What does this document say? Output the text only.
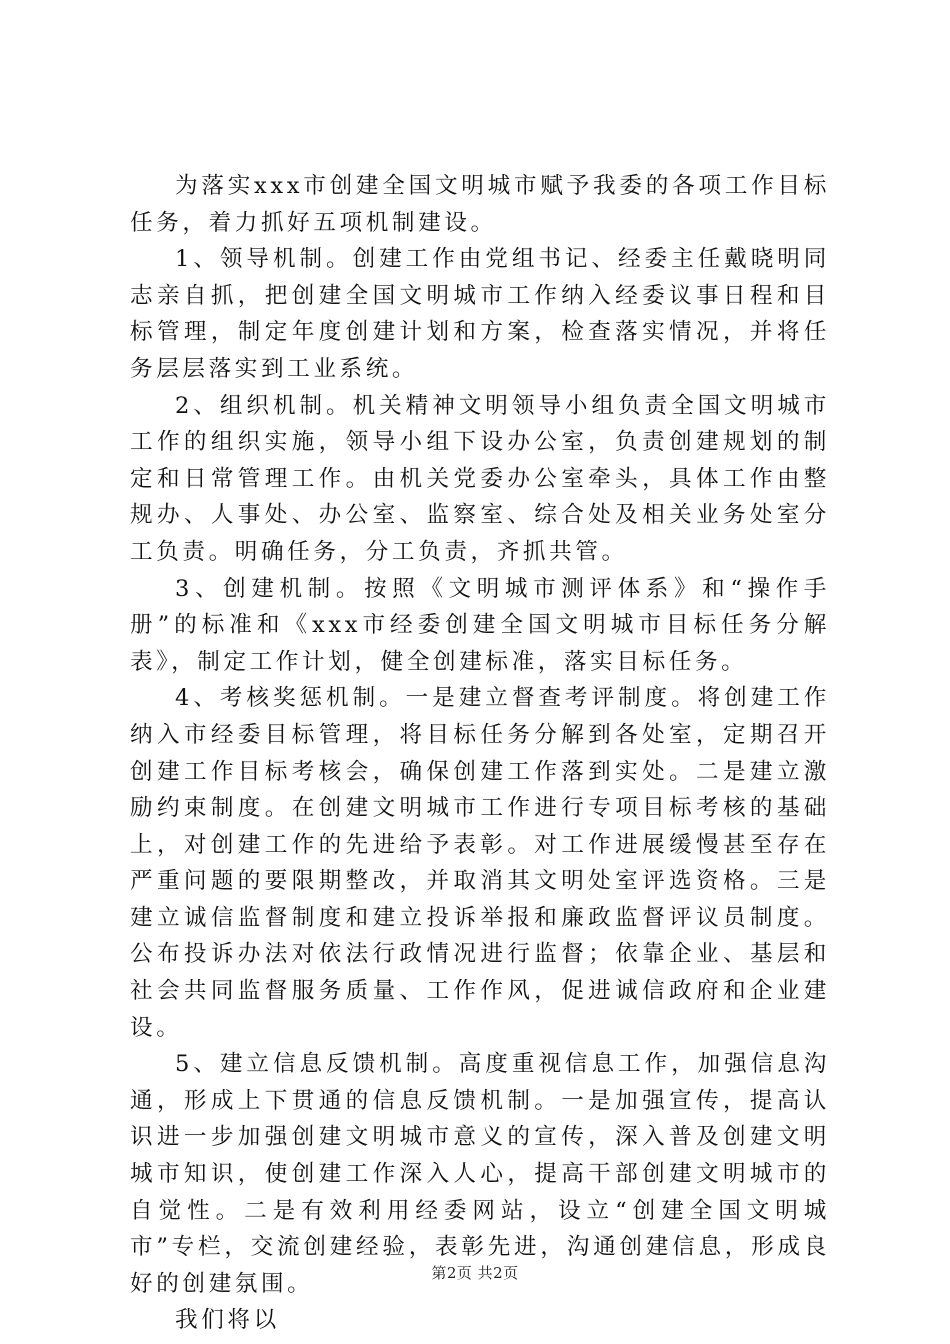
为落实xxx市创建全国文明城市赋予我委的各项工作目标任务，着力抓好五项机制建设。

1、领导机制。创建工作由党组书记、经委主任戴晓明同志亲自抓，把创建全国文明城市工作纳入经委议事日程和目标管理，制定年度创建计划和方案，检查落实情况，并将任务层层落实到工业系统。

2、组织机制。机关精神文明领导小组负责全国文明城市工作的组织实施，领导小组下设办公室，负责创建规划的制定和日常管理工作。由机关党委办公室牵头，具体工作由整规办、人事处、办公室、监察室、综合处及相关业务处室分工负责。明确任务，分工负责，齐抓共管。

3、创建机制。按照《文明城市测评体系》和“操作手册”的标准和《xxx市经委创建全国文明城市目标任务分解表》，制定工作计划，健全创建标准，落实目标任务。

4、考核奖惩机制。一是建立督查考评制度。将创建工作纳入市经委目标管理，将目标任务分解到各处室，定期召开创建工作目标考核会，确保创建工作落到实处。二是建立激励约束制度。在创建文明城市工作进行专项目标考核的基础上，对创建工作的先进给予表彰。对工作进展缓慢甚至存在严重问题的要限期整改，并取消其文明处室评选资格。三是建立诚信监督制度和建立投诉举报和廉政监督评议员制度。公布投诉办法对依法行政情况进行监督；依靠企业、基层和社会共同监督服务质量、工作作风，促进诚信政府和企业建设。

5、建立信息反馈机制。高度重视信息工作，加强信息沟通，形成上下贯通的信息反馈机制。一是加强宣传，提高认识进一步加强创建文明城市意义的宣传，深入普及创建文明城市知识，使创建工作深入人心，提高干部创建文明城市的自觉性。二是有效利用经委网站，设立“创建全国文明城市”专栏，交流创建经验，表彰先进，沟通创建信息，形成良好的创建氛围。

我们将以

第2页 共2页
